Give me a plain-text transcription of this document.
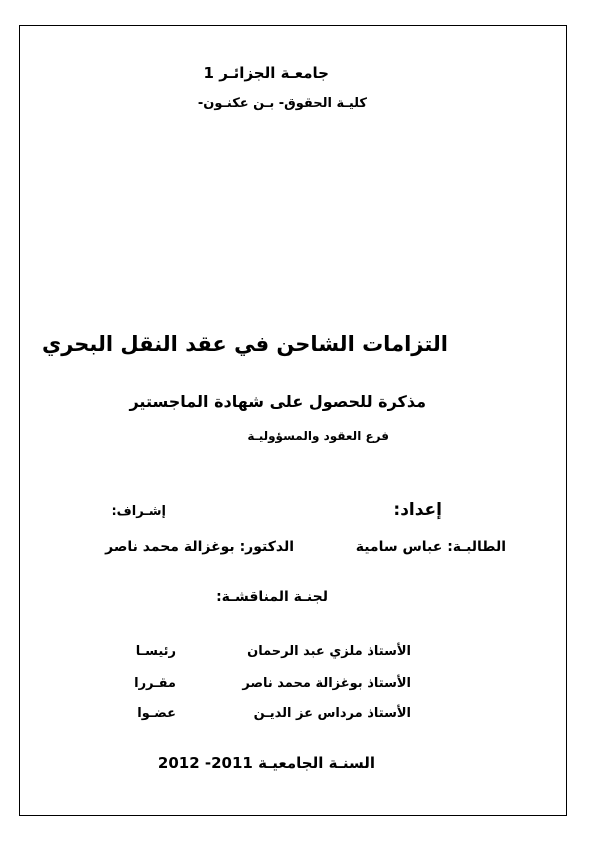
جامعـة الجزائـر 1
كليـة الحقوق- بـن عكنـون-
التزامات الشاحن في عقد النقل البحري
مذكرة للحصول على شهادة الماجستير
فرع العقود والمسؤوليـة
إعداد:
إشـراف:
الطالبـة: عباس سامية
الدكتور: بوغزالة محمد ناصر
لجنـة المناقشـة:
الأستاذ ملزي عبد الرحمان
رئيسـا
الأستاذ بوغزالة محمد ناصر
مقـررا
الأستاذ مرداس عز الديـن
عضـوا
السنـة الجامعيـة 2011- 2012
